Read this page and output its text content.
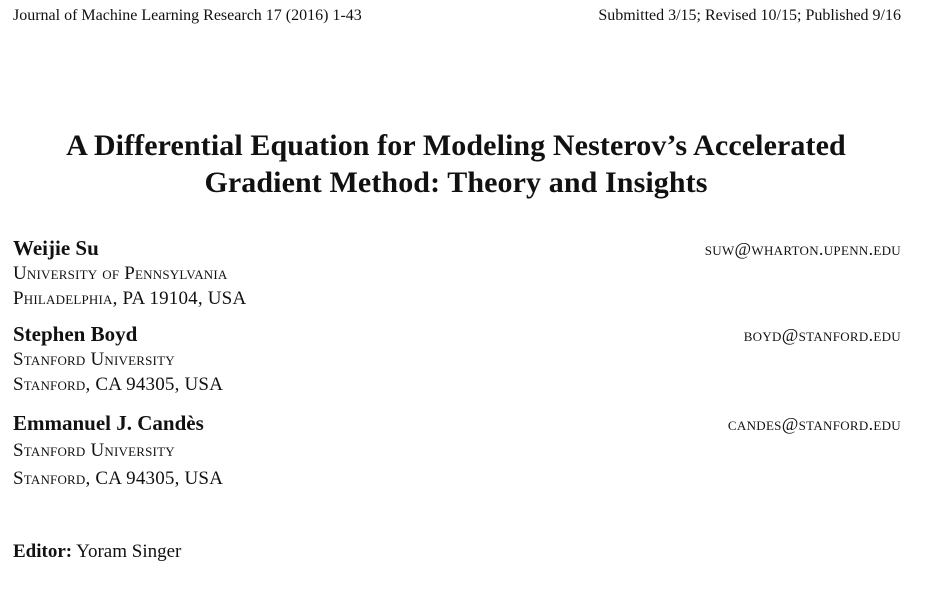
Journal of Machine Learning Research 17 (2016) 1-43	Submitted 3/15; Revised 10/15; Published 9/16
A Differential Equation for Modeling Nesterov’s Accelerated
Gradient Method: Theory and Insights
Weijie Su	suw@wharton.upenn.edu
University of Pennsylvania
Philadelphia, PA 19104, USA
Stephen Boyd	boyd@stanford.edu
Stanford University
Stanford, CA 94305, USA
Emmanuel J. Candès	candes@stanford.edu
Stanford University
Stanford, CA 94305, USA
Editor: Yoram Singer
